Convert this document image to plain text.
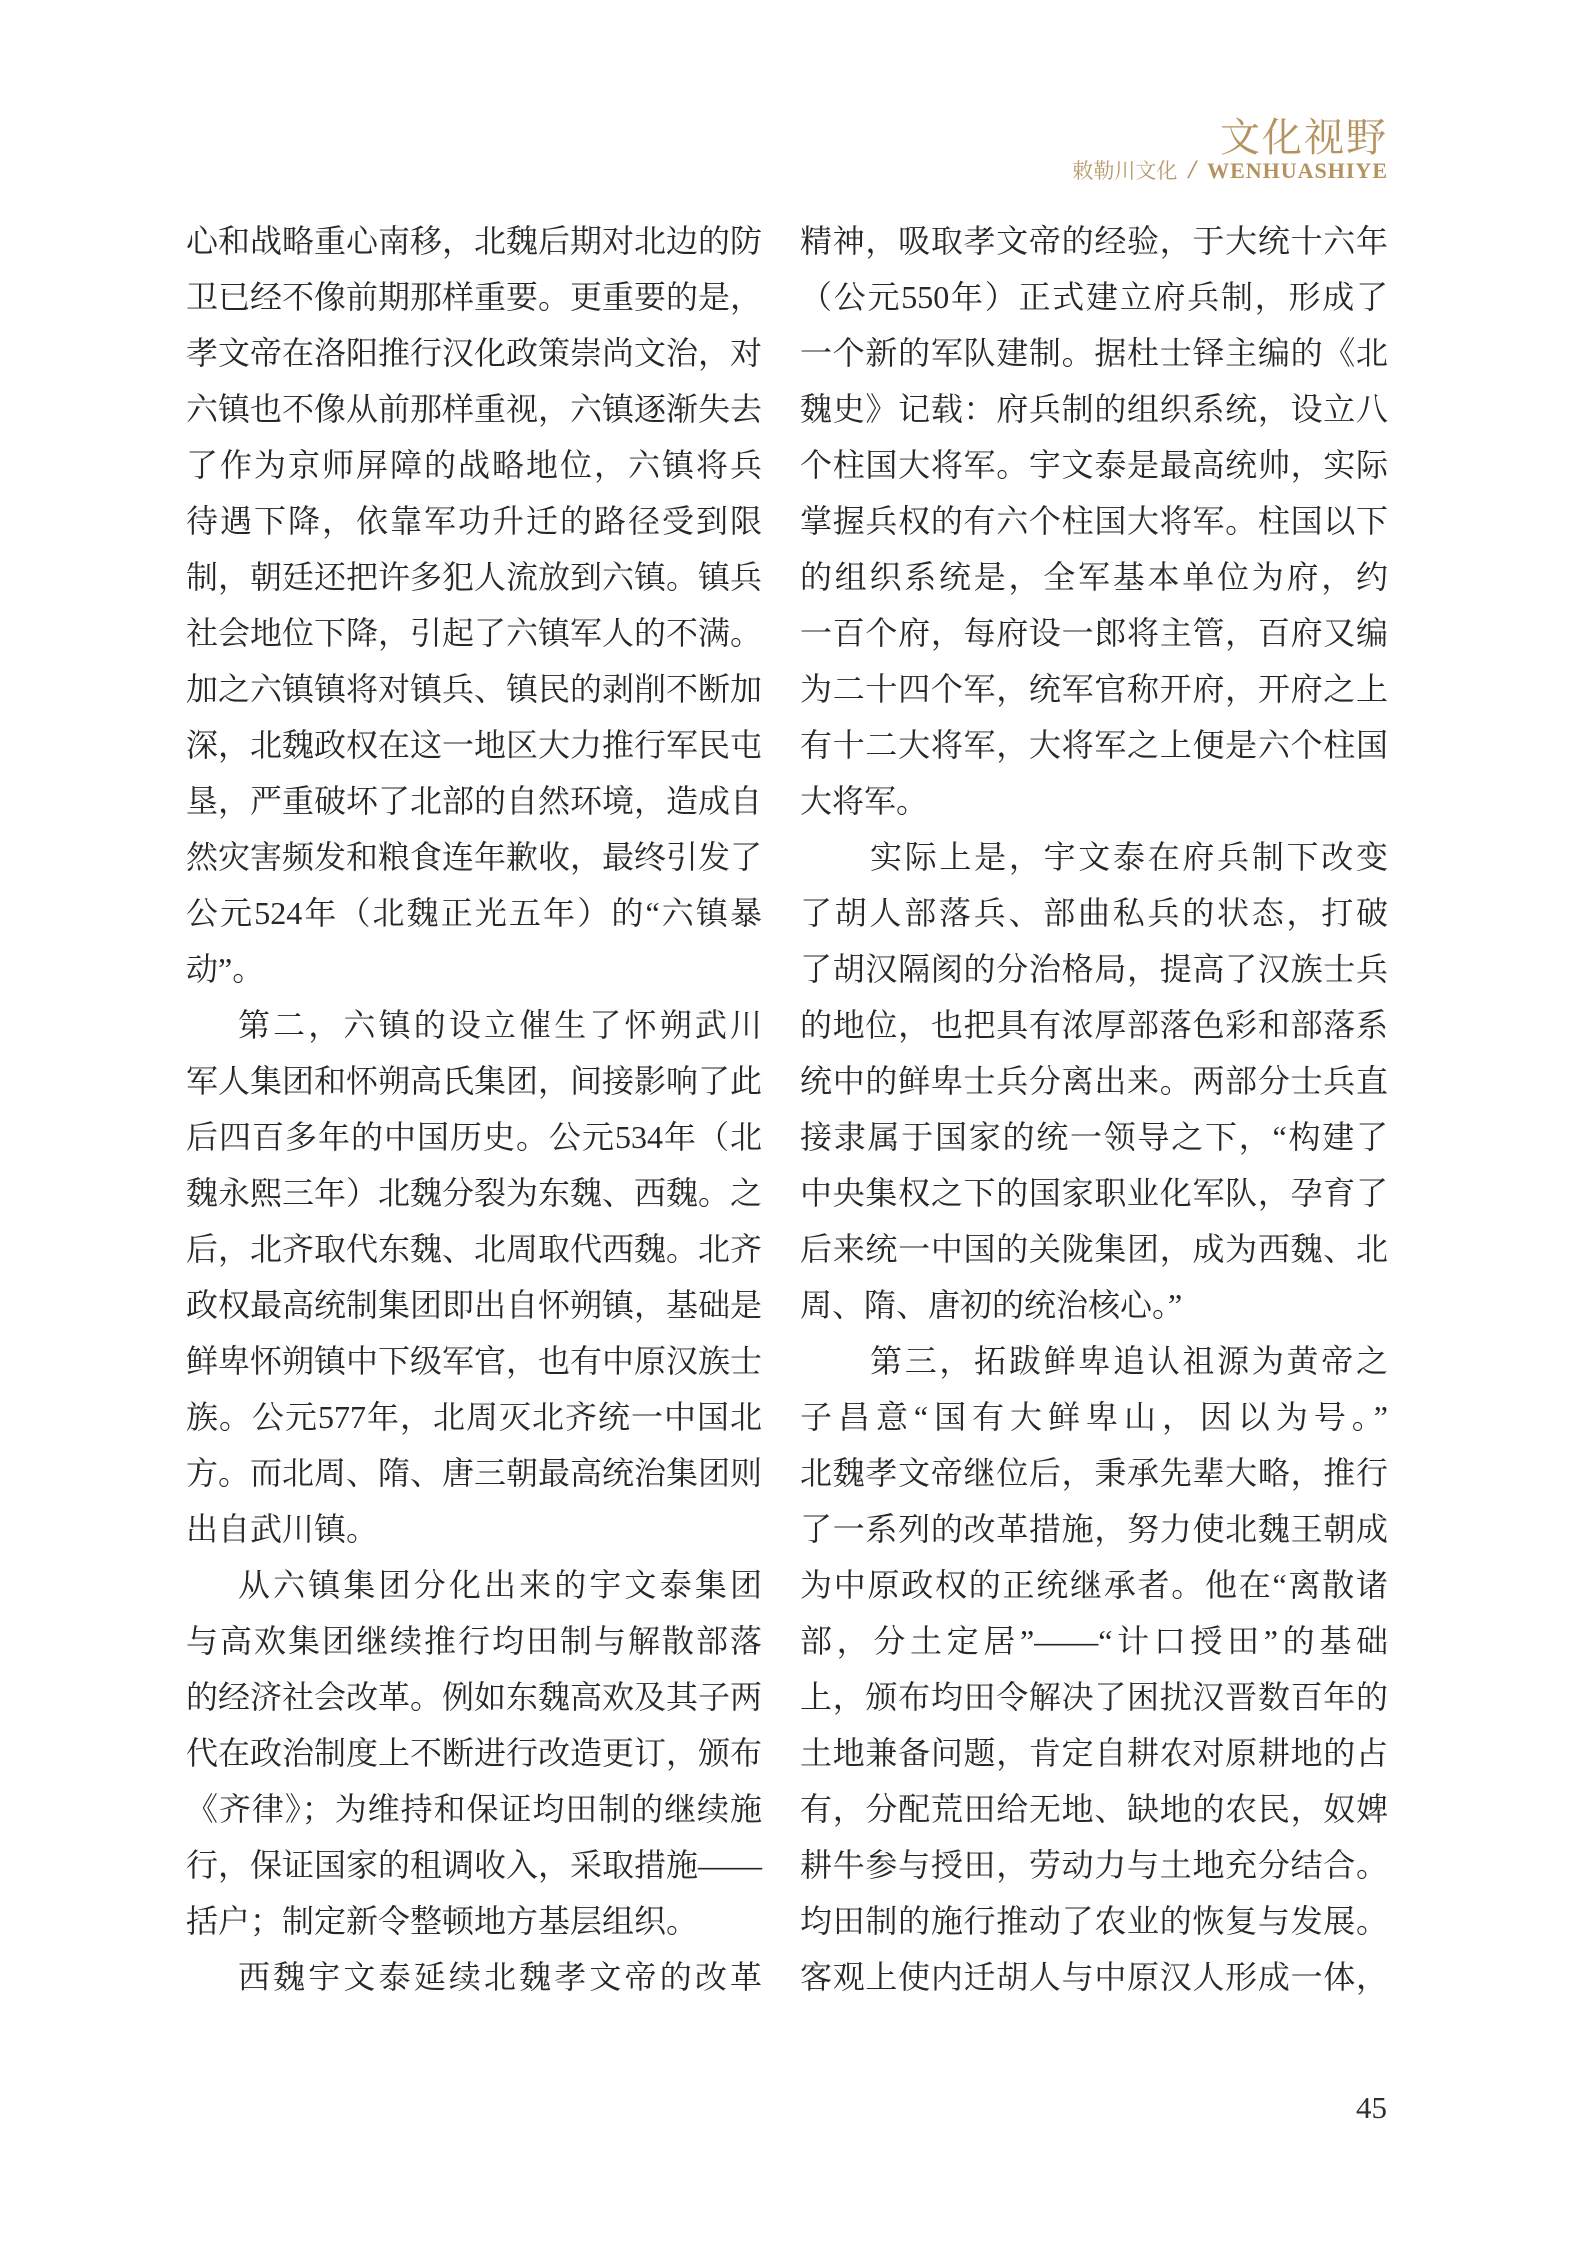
文化视野
敕勒川文化 / WENHUASHIYE
心和战略重心南移，北魏后期对北边的防
卫已经不像前期那样重要。更重要的是，
孝文帝在洛阳推行汉化政策崇尚文治，对
六镇也不像从前那样重视，六镇逐渐失去
了作为京师屏障的战略地位，六镇将兵
待遇下降，依靠军功升迁的路径受到限
制，朝廷还把许多犯人流放到六镇。镇兵
社会地位下降，引起了六镇军人的不满。
加之六镇镇将对镇兵、镇民的剥削不断加
深，北魏政权在这一地区大力推行军民屯
垦，严重破坏了北部的自然环境，造成自
然灾害频发和粮食连年歉收，最终引发了
公元524年（北魏正光五年）的“六镇暴
动”。
第二，六镇的设立催生了怀朔武川
军人集团和怀朔高氏集团，间接影响了此
后四百多年的中国历史。公元534年（北
魏永熙三年）北魏分裂为东魏、西魏。之
后，北齐取代东魏、北周取代西魏。北齐
政权最高统制集团即出自怀朔镇，基础是
鲜卑怀朔镇中下级军官，也有中原汉族士
族。公元577年，北周灭北齐统一中国北
方。而北周、隋、唐三朝最高统治集团则
出自武川镇。
从六镇集团分化出来的宇文泰集团
与高欢集团继续推行均田制与解散部落
的经济社会改革。例如东魏高欢及其子两
代在政治制度上不断进行改造更订，颁布
《齐律》；为维持和保证均田制的继续施
行，保证国家的租调收入，采取措施——
括户；制定新令整顿地方基层组织。
西魏宇文泰延续北魏孝文帝的改革
精神，吸取孝文帝的经验，于大统十六年
（公元550年）正式建立府兵制，形成了
一个新的军队建制。据杜士铎主编的《北
魏史》记载：府兵制的组织系统，设立八
个柱国大将军。宇文泰是最高统帅，实际
掌握兵权的有六个柱国大将军。柱国以下
的组织系统是，全军基本单位为府，约
一百个府，每府设一郎将主管，百府又编
为二十四个军，统军官称开府，开府之上
有十二大将军，大将军之上便是六个柱国
大将军。
实际上是，宇文泰在府兵制下改变
了胡人部落兵、部曲私兵的状态，打破
了胡汉隔阂的分治格局，提高了汉族士兵
的地位，也把具有浓厚部落色彩和部落系
统中的鲜卑士兵分离出来。两部分士兵直
接隶属于国家的统一领导之下，“构建了
中央集权之下的国家职业化军队，孕育了
后来统一中国的关陇集团，成为西魏、北
周、隋、唐初的统治核心。”
第三，拓跋鲜卑追认祖源为黄帝之
子昌意“国有大鲜卑山，因以为号。”
北魏孝文帝继位后，秉承先辈大略，推行
了一系列的改革措施，努力使北魏王朝成
为中原政权的正统继承者。他在“离散诸
部，分土定居”——“计口授田”的基础
上，颁布均田令解决了困扰汉晋数百年的
土地兼备问题，肯定自耕农对原耕地的占
有，分配荒田给无地、缺地的农民，奴婢
耕牛参与授田，劳动力与土地充分结合。
均田制的施行推动了农业的恢复与发展。
客观上使内迁胡人与中原汉人形成一体，
45
